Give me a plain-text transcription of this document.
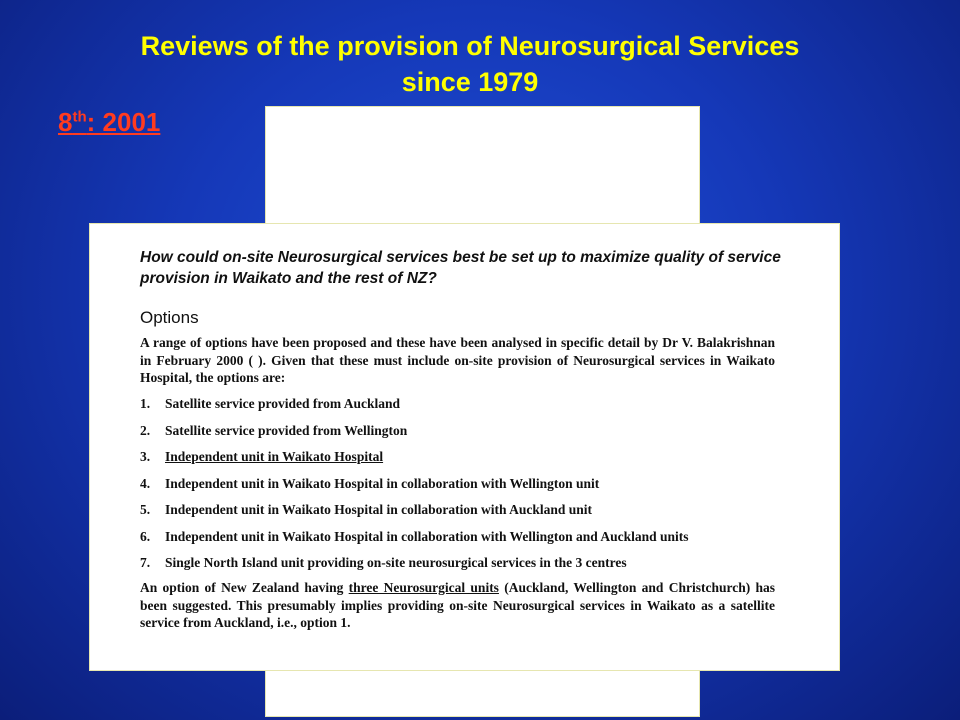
Reviews of the provision of Neurosurgical Services
since 1979
8th: 2001
How could on-site Neurosurgical services best be set up to maximize quality of service provision in Waikato and the rest of NZ?
Options
A range of options have been proposed and these have been analysed in specific detail by Dr V. Balakrishnan in February 2000 ( ). Given that these must include on-site provision of Neurosurgical services in Waikato Hospital, the options are:
1. Satellite service provided from Auckland
2. Satellite service provided from Wellington
3. Independent unit in Waikato Hospital
4. Independent unit in Waikato Hospital in collaboration with Wellington unit
5. Independent unit in Waikato Hospital in collaboration with Auckland unit
6. Independent unit in Waikato Hospital in collaboration with Wellington and Auckland units
7. Single North Island unit providing on-site neurosurgical services in the 3 centres
An option of New Zealand having three Neurosurgical units (Auckland, Wellington and Christchurch) has been suggested. This presumably implies providing on-site Neurosurgical services in Waikato as a satellite service from Auckland, i.e., option 1.
